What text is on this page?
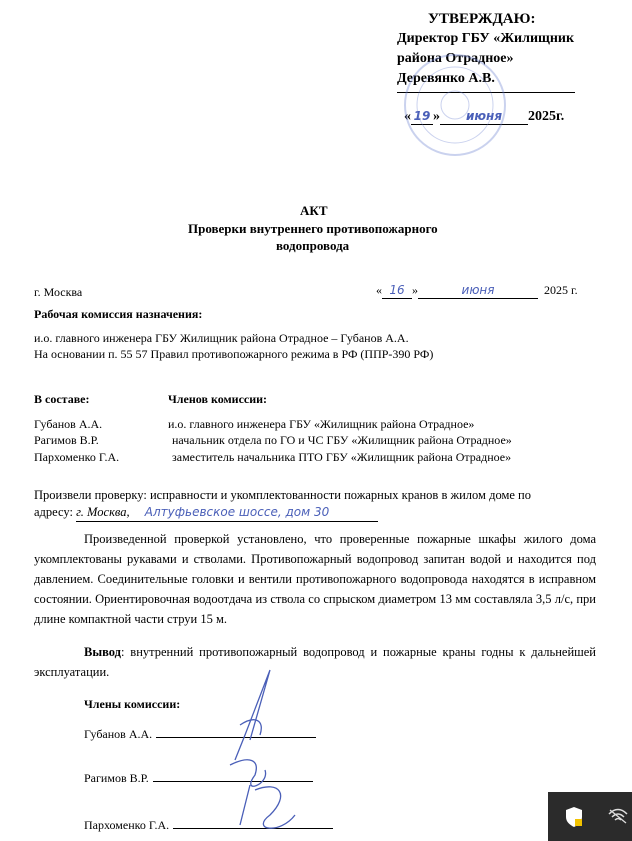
УТВЕРЖДАЮ:
Директор ГБУ «Жилищник
района Отрадное»
Деревянко А.В.
« 19 » июня 2025г.
АКТ
Проверки внутреннего противопожарного
водопровода
г. Москва	« 16 »	июня	2025 г.
Рабочая комиссия назначения:
и.о. главного инженера ГБУ Жилищник района Отрадное – Губанов А.А.
На основании п. 55 57 Правил противопожарного режима в РФ (ППР-390 РФ)
В составе:	Членов комиссии:
Губанов А.А.	и.о. главного инженера ГБУ «Жилищник района Отрадное»
Рагимов В.Р.	начальник отдела по ГО и ЧС ГБУ «Жилищник района Отрадное»
Пархоменко Г.А.	заместитель начальника ПТО ГБУ «Жилищник района Отрадное»
Произвели проверку: исправности и укомплектованности пожарных кранов в жилом доме по
адресу: г. Москва, Алтуфьевское шоссе, дом 30
Произведенной проверкой установлено, что проверенные пожарные шкафы жилого дома укомплектованы рукавами и стволами. Противопожарный водопровод запитан водой и находится под давлением. Соединительные головки и вентили противопожарного водопровода находятся в исправном состоянии. Ориентировочная водоотдача из ствола со спрыском диаметром 13 мм составляла 3,5 л/с, при длине компактной части струи 15 м.
Вывод: внутренний противопожарный водопровод и пожарные краны годны к дальнейшей эксплуатации.
Члены комиссии:
Губанов А.А.
Рагимов В.Р.
Пархоменко Г.А.
